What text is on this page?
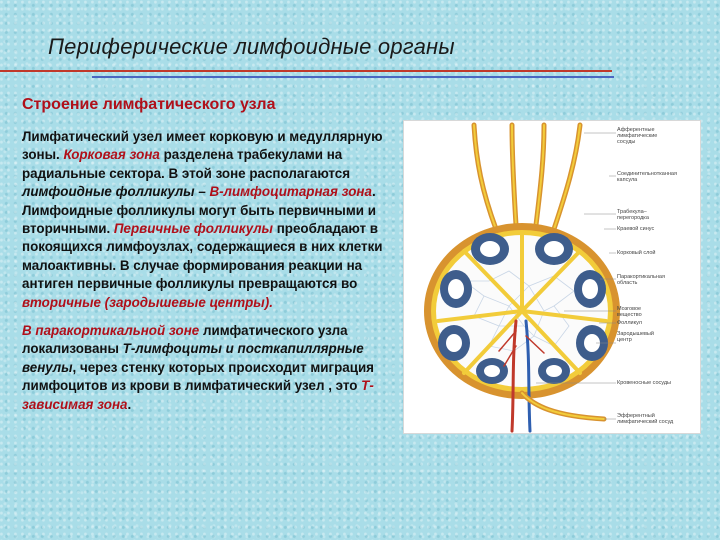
Периферические лимфоидные органы
Строение лимфатического узла

Лимфатический узел имеет корковую и медуллярную зоны. Корковая зона разделена трабекулами на радиальные сектора. В этой зоне располагаются лимфоидные фолликулы – В-лимфоцитарная зона. Лимфоидные фолликулы могут быть первичными и вторичными. Первичные фолликулы преобладают в покоящихся лимфоузлах, содержащиеся в них клетки малоактивны. В случае формирования реакции на антиген первичные фолликулы превращаются во вторичные (зародышевые центры).

В паракортикальной зоне лимфатического узла локализованы Т-лимфоциты и посткапиллярные венулы, через стенку которых происходит миграция лимфоцитов из крови в лимфатический узел , это Т-зависимая зона.

Афферентные
лимфатические
сосуды
Соединительнотканная
капсула
Трабекула–
перегородка
Краевой синус
Корковый слой
Паракортикальная
область
Мозговое
вещество
Фолликул
Зародышевый
центр
Кровеносные сосуды
Эфферентный
лимфатический сосуд
